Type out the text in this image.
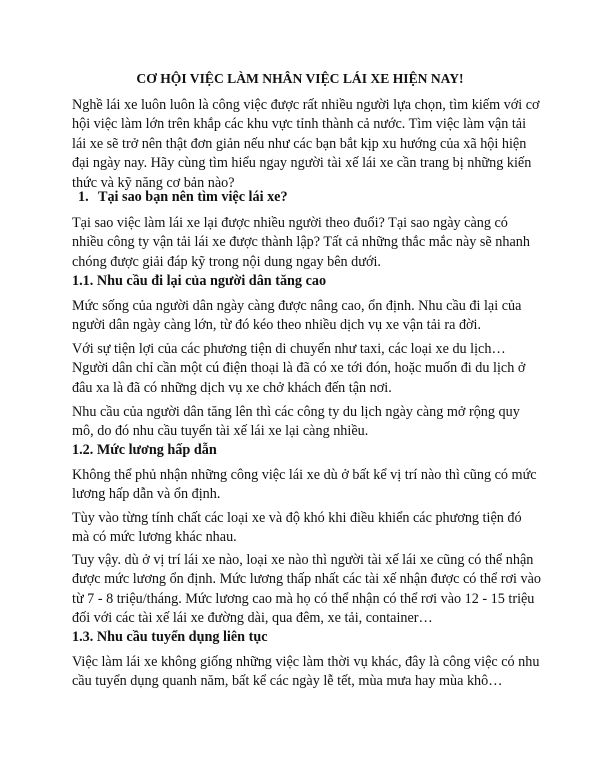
CƠ HỘI VIỆC LÀM NHÂN VIỆC LÁI XE HIỆN NAY!

Nghề lái xe luôn luôn là công việc được rất nhiều người lựa chọn, tìm kiếm với cơ hội việc làm lớn trên khắp các khu vực tỉnh thành cả nước. Tìm việc làm vận tải lái xe sẽ trở nên thật đơn giản nếu như các bạn bắt kịp xu hướng của xã hội hiện đại ngày nay. Hãy cùng tìm hiểu ngay người tài xế lái xe cần trang bị những kiến thức và kỹ năng cơ bản nào?

1. Tại sao bạn nên tìm việc lái xe?

Tại sao việc làm lái xe lại được nhiều người theo đuổi? Tại sao ngày càng có nhiều công ty vận tải lái xe được thành lập? Tất cả những thắc mắc này sẽ nhanh chóng được giải đáp kỹ trong nội dung ngay bên dưới.

1.1. Nhu cầu đi lại của người dân tăng cao

Mức sống của người dân ngày càng được nâng cao, ổn định. Nhu cầu đi lại của người dân ngày càng lớn, từ đó kéo theo nhiều dịch vụ xe vận tải ra đời.

Với sự tiện lợi của các phương tiện di chuyển như taxi, các loại xe du lịch… Người dân chỉ cần một cú điện thoại là đã có xe tới đón, hoặc muốn đi du lịch ở đâu xa là đã có những dịch vụ xe chở khách đến tận nơi.

Nhu cầu của người dân tăng lên thì các công ty du lịch ngày càng mở rộng quy mô, do đó nhu cầu tuyển tài xế lái xe lại càng nhiều.

1.2. Mức lương hấp dẫn

Không thể phủ nhận những công việc lái xe dù ở bất kể vị trí nào thì cũng có mức lương hấp dẫn và ổn định.

Tùy vào từng tính chất các loại xe và độ khó khi điều khiển các phương tiện đó mà có mức lương khác nhau.

Tuy vậy. dù ở vị trí lái xe nào, loại xe nào thì người tài xế lái xe cũng có thể nhận được mức lương ổn định. Mức lương thấp nhất các tài xế nhận được có thể rơi vào từ 7 - 8 triệu/tháng. Mức lương cao mà họ có thể nhận có thể rơi vào 12 - 15 triệu đối với các tài xế lái xe đường dài, qua đêm, xe tải, container…

1.3. Nhu cầu tuyển dụng liên tục

Việc làm lái xe không giống những việc làm thời vụ khác, đây là công việc có nhu cầu tuyển dụng quanh năm, bất kể các ngày lễ tết, mùa mưa hay mùa khô…
